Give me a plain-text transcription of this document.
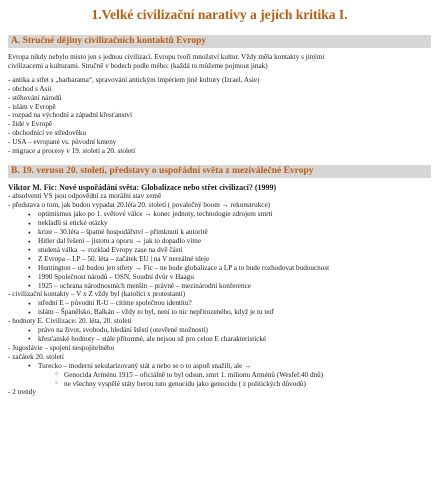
1.Velké civilizační narativy a jejích kritika I.
A. Stručné dějiny civilizačních kontaktů Evropy
Evropa nikdy nebylo místo jen s jednou civilizací. Evropu tvoří množství kultur. Vždy měla kontakty s jinými
civilizacemi a kulturami. Stručně v bodech podle mého: (každá to můžeme pojmout jinak)
- antika a střet s „barbarama“, spravování antickým impériem jiné kultury (Izrael, Asie)
- obchod s Asií
- stěhování národů
- islám v Evropě
- rozpad na východní a západní křesťanství
- židé v Evropě
- obchodnící ve středověku
- USA – evropané vs. původní kmeny
- migrace a procesy v 19. století a 20. století
B. 19. verusu 20. století, představy o uspořádní světa z meziválečné Evropy
Viktor M. Fic: Nové uspořádání světa: Globalizace nebo střet civilizací? (1999)
- absolventi VS jsou odpovědní za morální stav země
- představa o tom, jak budou vypadat 20.léta 20. století ( povalečný boom → rekonstrukce)
● optimismus jako po 1. světové válce → konec jednoty, technologie zdrojem smrti
● nekladli si etické otázky
● krize – 30.léta – špatné hospodářství – přimknutí k autoritě
● Hitler dal řešení – jistotu a oporu → jak to dopadlo víme
● studená válka → rozklad Evropy zase na dvě části
● Z Evropa – LP – 50. léta – začátek EU | na V nereálné ideje
● Huntington – už budou jen střety → Fic – ne bude globalizace a LP a to bude rozhodovat budoucnost
● 1990 Společnost národů – OSN, Soudní dvůr v Haagu
● 1925 – ochrana národnostních menšin – právně – mezinárodní konference
- civilizační kontakty – V x Z vždy byl (katolíci x protestanti)
● střední E – původní R-U – cítíme společnou identitu?
● islám – Španělsko, Balkán – vždy to byl, není to nic nepřirozeného, když je tu teď
- hodnoty E. Civilizace: 20. léta, 20. století
● právo na život, svobodu, hledání štěstí (otevřené možnosti)
● křesťanské hodnoty – stále přítomné, ale nejsou už pro celou E charakteristické
- Jugoslávie – spojení nespojitelného
- začátek 20. století
● Turecko – moderní sekularizovaný stát a nebo se o to aspoň snažili, ale →
○ Genocida Arménu 1915 – oficiálně to byl odsun, smrt 1. milionu Arménů (Wesfel:40 dnů)
○ ne všechny vyspělé státy berou tuto genocidu jako genocidu ( z politických důvodů)
- 2 trendy
